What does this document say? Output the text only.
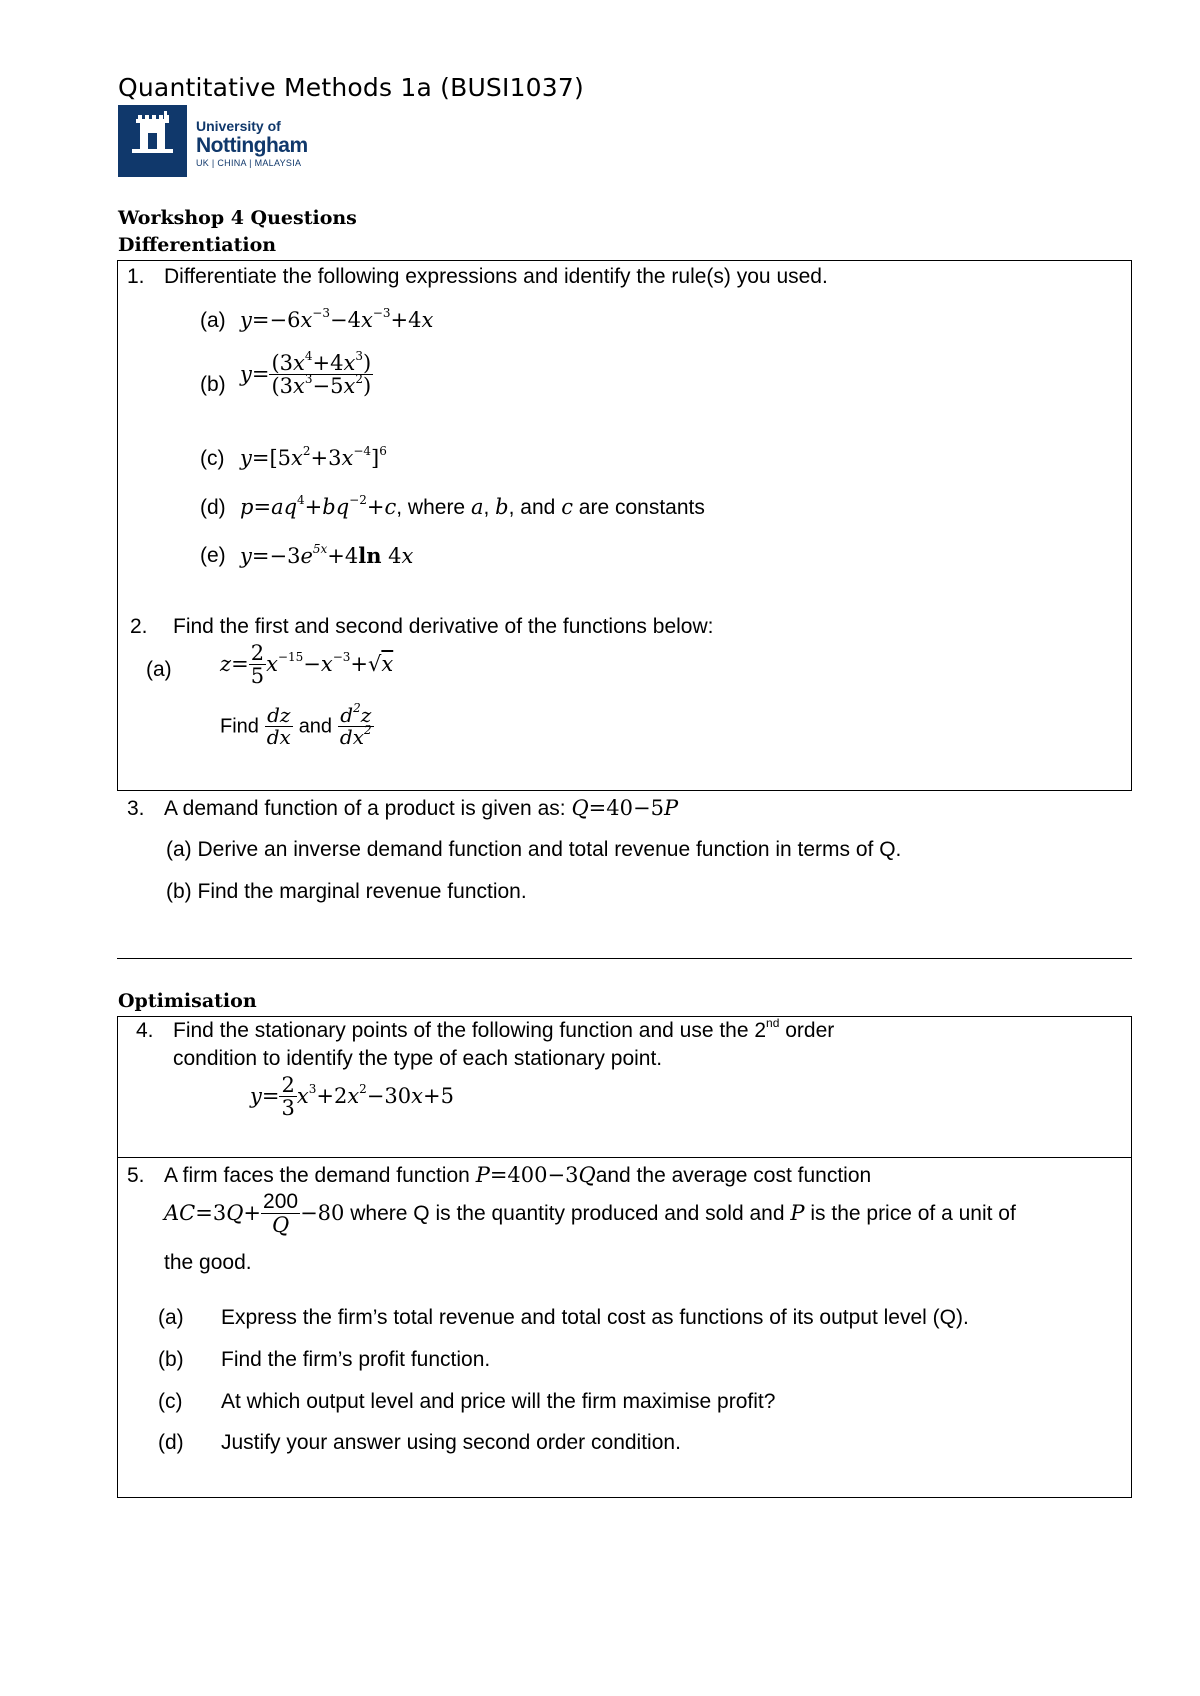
Quantitative Methods 1a (BUSI1037)
University of
Nottingham
UK | CHINA | MALAYSIA
Workshop 4 Questions
Differentiation
1. Differentiate the following expressions and identify the rule(s) you used.
(a) $y=-6x^{-3}-4x^{-3}+4x$
(b) $y= \frac{(3x^4+4x^3)}{(3x^3-5x^2)}$
(c) $y=[5x^2+3x^{-4}]^6$
(d) $p=aq^4+bq^{-2}+c$, where a, b, and c are constants
(e) $y=-3e^{5x}+4\ln$ 4x
2. Find the first and second derivative of the functions below:
(a) $z= \frac{2}{5} x^{-15}-x^{-3}+√x$
Find $\frac{dz}{dx}$ and $\frac{d^2z}{dx^2}$
3. A demand function of a product is given as: Q=40−5P
(a) Derive an inverse demand function and total revenue function in terms of Q.
(b) Find the marginal revenue function.
Optimisation
4. Find the stationary points of the following function and use the 2nd order
condition to identify the type of each stationary point.
$y= \frac{2}{3} x^3+2x^2-30x+5$
5. A firm faces the demand function P=400−3Qand the average cost function
$AC=3Q+ \frac{200}{Q} -80$ where Q is the quantity produced and sold and P is the price of a unit of
the good.
(a) Express the firm’s total revenue and total cost as functions of its output level (Q).
(b) Find the firm’s profit function.
(c) At which output level and price will the firm maximise profit?
(d) Justify your answer using second order condition.
